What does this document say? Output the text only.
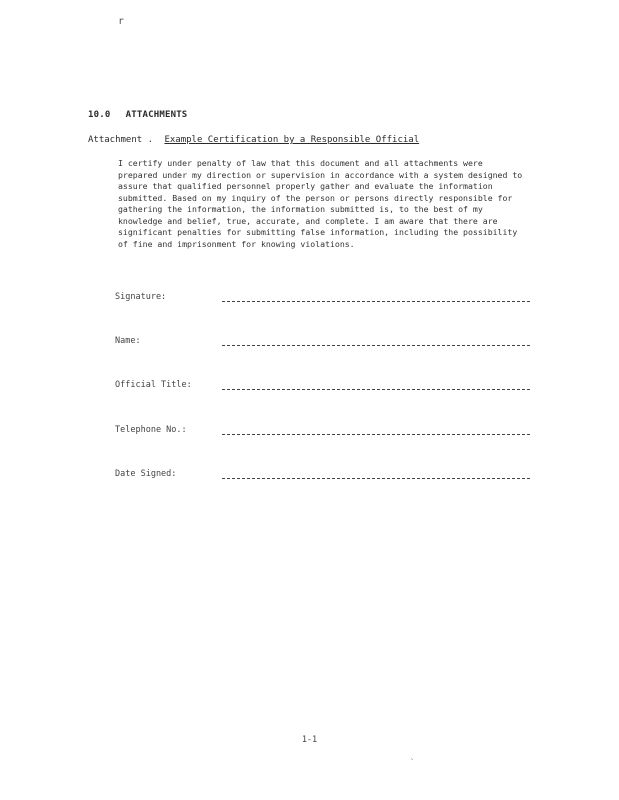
r
10.0 ATTACHMENTS
Attachment . Example Certification by a Responsible Official
I certify under penalty of law that this document and all attachments were prepared under my direction or supervision in accordance with a system designed to assure that qualified personnel properly gather and evaluate the information submitted. Based on my inquiry of the person or persons directly responsible for gathering the information, the information submitted is, to the best of my knowledge and belief, true, accurate, and complete. I am aware that there are significant penalties for submitting false information, including the possibility of fine and imprisonment for knowing violations.
Signature:
Name:
Official Title:
Telephone No.:
Date Signed:
1-1
`
